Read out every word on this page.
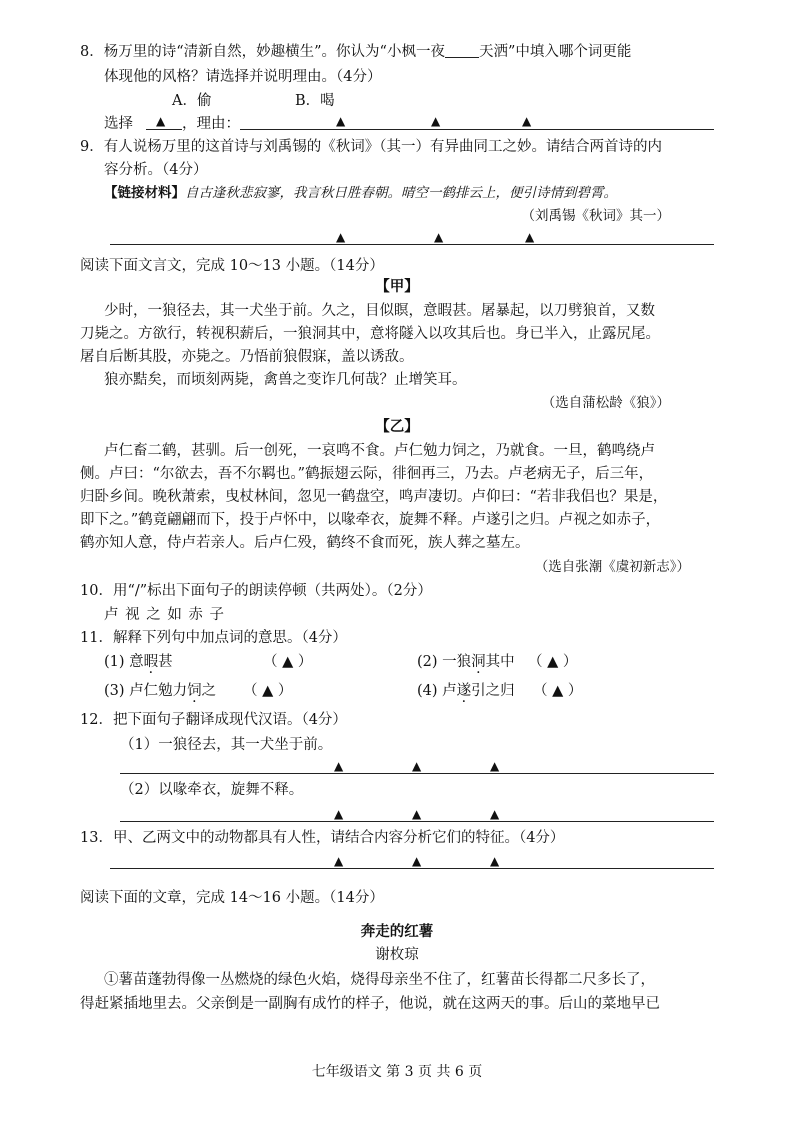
8．杨万里的诗“清新自然，妙趣横生”。你认为“小枫一夜 天洒”中填入哪个词更能
体现他的风格？请选择并说明理由。（4分）
A．偷	B．喝
选择 ▲ ，理由：	▲	▲	▲
9．有人说杨万里的这首诗与刘禹锡的《秋词》（其一）有异曲同工之妙。请结合两首诗的内
容分析。（4分）
【链接材料】自古逢秋悲寂寥，我言秋日胜春朝。晴空一鹤排云上，便引诗情到碧霄。
（刘禹锡《秋词》其一）
▲	▲	▲
阅读下面文言文，完成 10～13 小题。（14分）
【甲】
少时，一狼径去，其一犬坐于前。久之，目似瞑，意暇甚。屠暴起，以刀劈狼首，又数
刀毙之。方欲行，转视积薪后，一狼洞其中，意将隧入以攻其后也。身已半入，止露尻尾。
屠自后断其股，亦毙之。乃悟前狼假寐，盖以诱敌。
狼亦黠矣，而顷刻两毙，禽兽之变诈几何哉？止增笑耳。
（选自蒲松龄《狼》）
【乙】
卢仁畜二鹤，甚驯。后一创死，一哀鸣不食。卢仁勉力饲之，乃就食。一旦，鹤鸣绕卢
侧。卢曰：“尔欲去，吾不尔羁也。”鹤振翅云际，徘徊再三，乃去。卢老病无子，后三年，
归卧乡间。晚秋萧索，曳杖林间，忽见一鹤盘空，鸣声凄切。卢仰曰：“若非我侣也？果是，
即下之。”鹤竟翩翩而下，投于卢怀中，以喙牵衣，旋舞不释。卢遂引之归。卢视之如赤子，
鹤亦知人意，侍卢若亲人。后卢仁殁，鹤终不食而死，族人葬之墓左。
（选自张潮《虞初新志》）
10．用“/”标出下面句子的朗读停顿（共两处）。（2分）
卢 视 之 如 赤 子
11．解释下列句中加点词的意思。（4分）
(1) 意暇甚	（ ▲ ）	(2) 一狼洞其中 （ ▲ ）
(3) 卢仁勉力饲之 （ ▲ ）	(4) 卢遂引之归 （ ▲ ）
12．把下面句子翻译成现代汉语。（4分）
（1）一狼径去，其一犬坐于前。
▲	▲	▲
（2）以喙牵衣，旋舞不释。
▲	▲	▲
13．甲、乙两文中的动物都具有人性，请结合内容分析它们的特征。（4分）
▲	▲	▲
阅读下面的文章，完成 14～16 小题。（14分）
奔走的红薯
谢枚琼
①薯苗蓬勃得像一丛燃烧的绿色火焰，烧得母亲坐不住了，红薯苗长得都二尺多长了，
得赶紧插地里去。父亲倒是一副胸有成竹的样子，他说，就在这两天的事。后山的菜地早已
七年级语文 第 3 页 共 6 页
